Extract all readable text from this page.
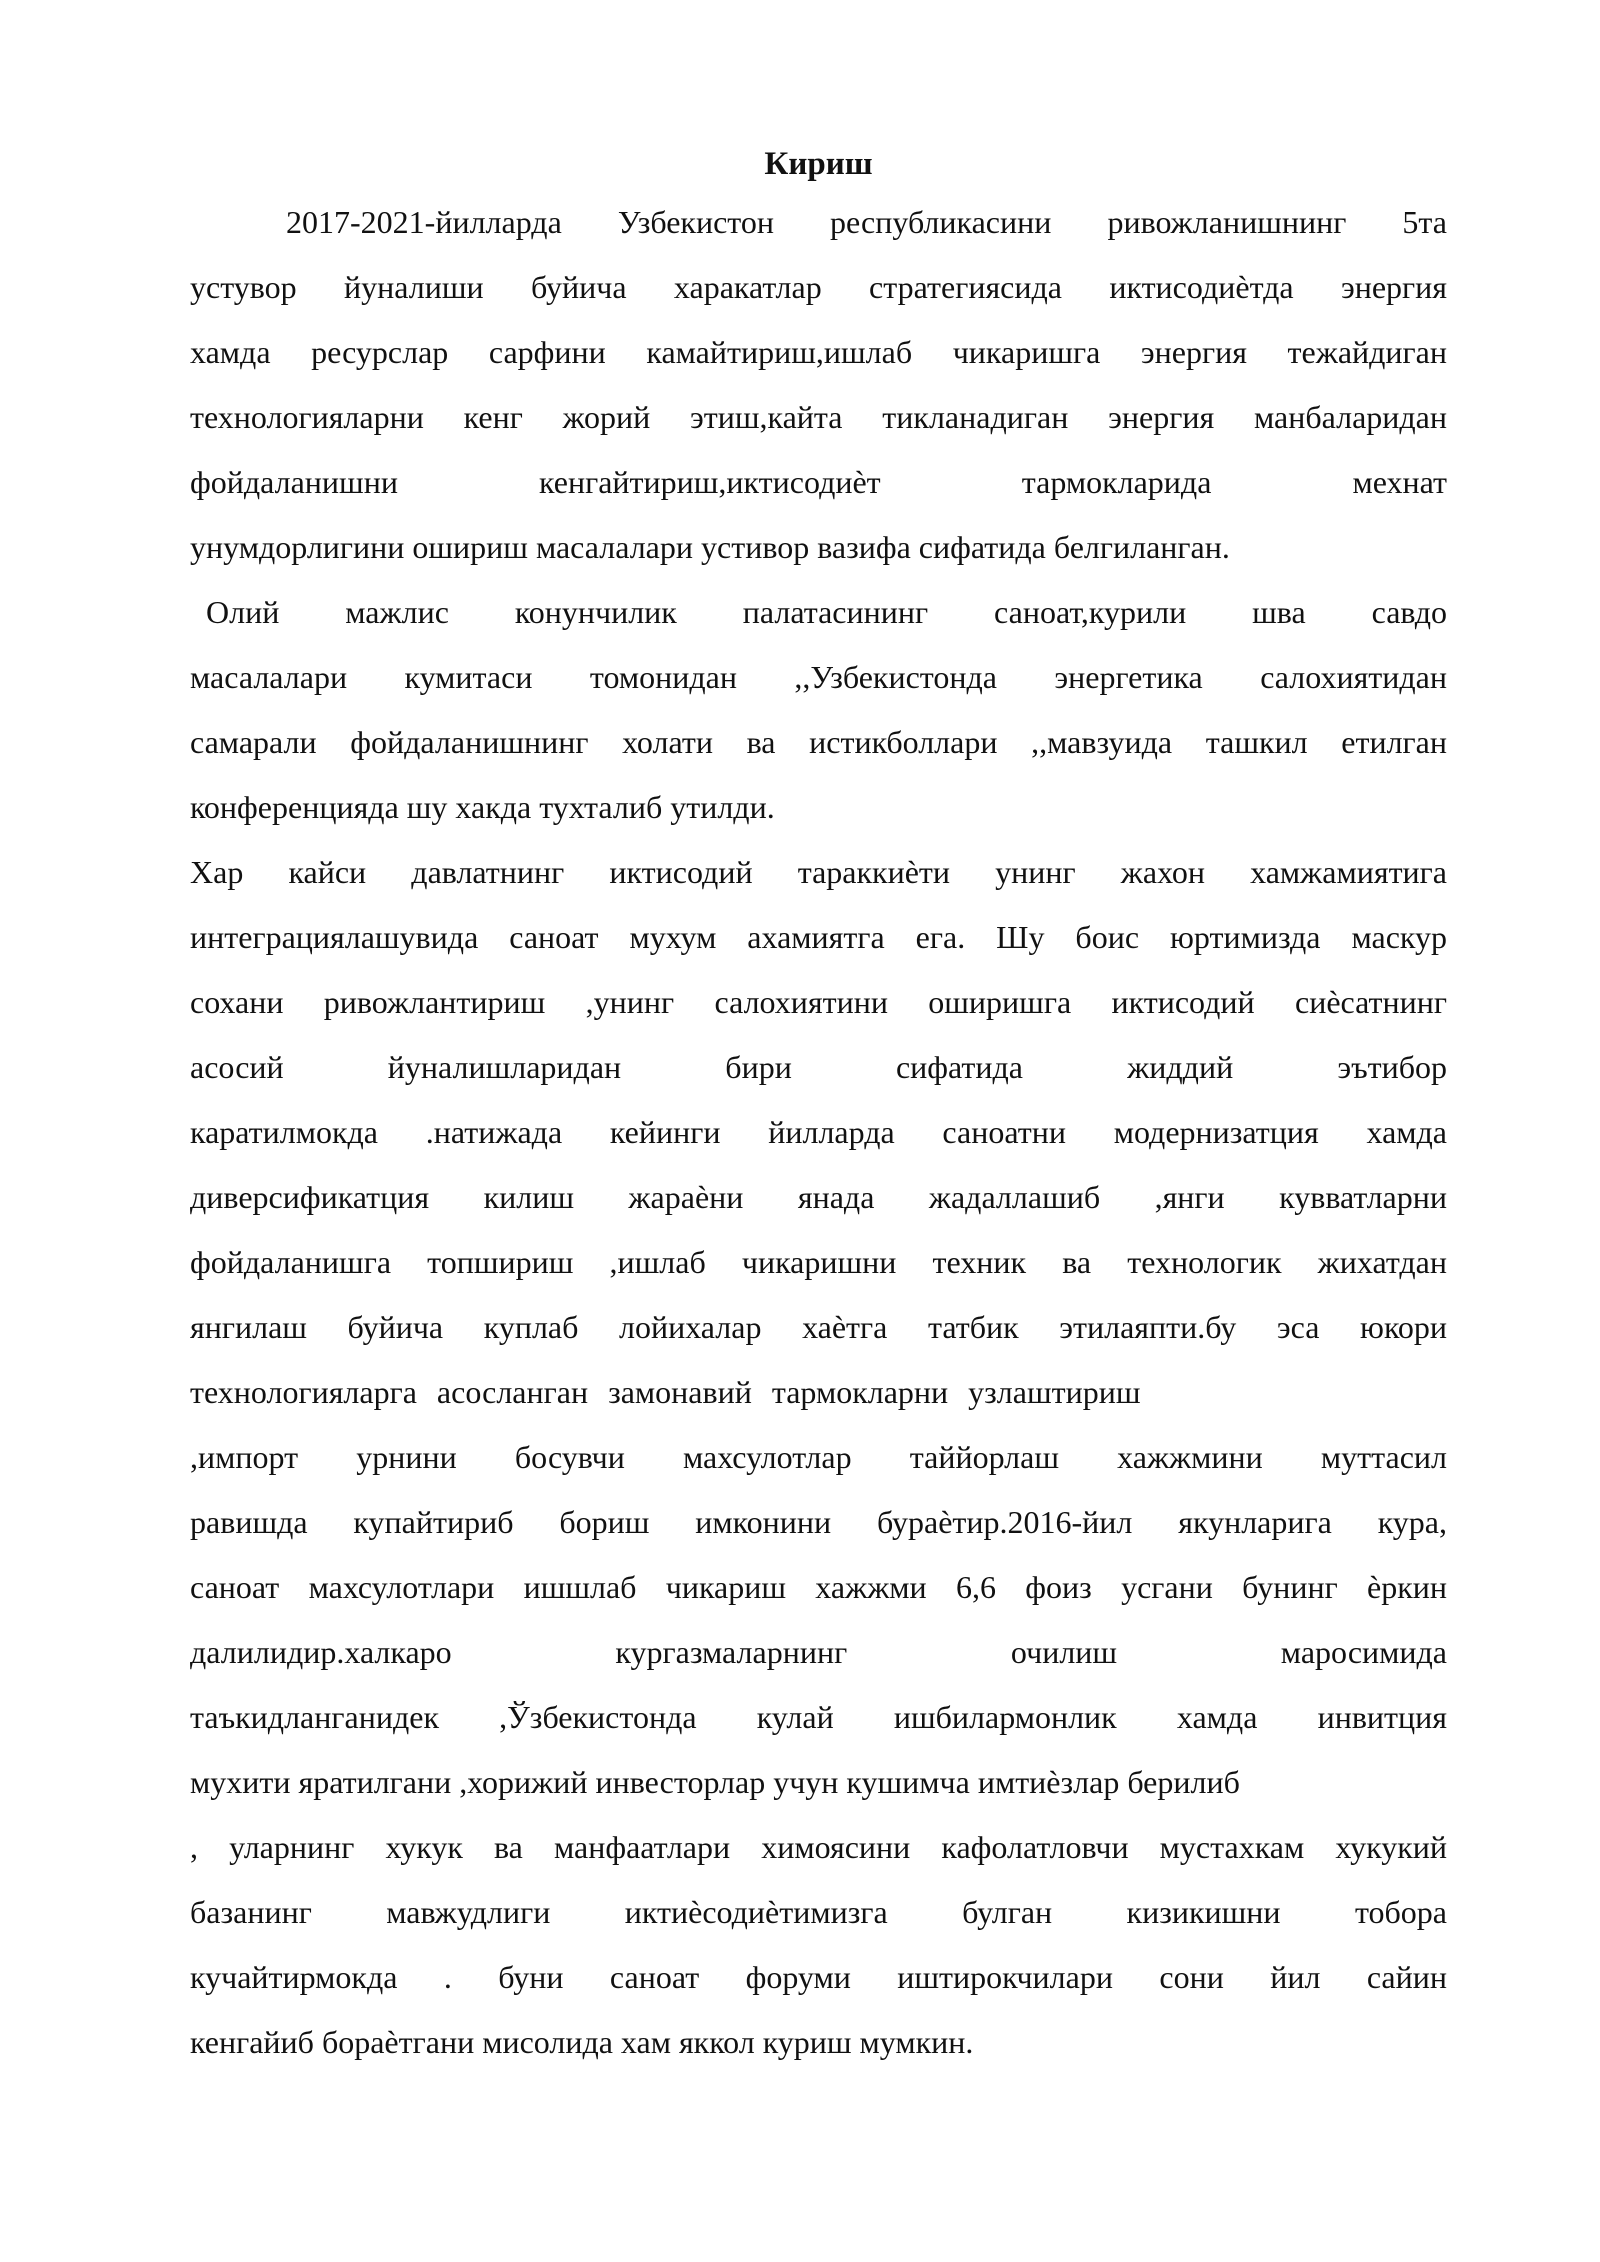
Кириш
2017-2021-йилларда Узбекистон республикасини ривожланишнинг 5та
устувор йуналиши буйича харакатлар стратегиясида иктисодиѐтда энергия
хамда ресурслар сарфини камайтириш,ишлаб чикаришга энергия тежайдиган
технологияларни кенг жорий этиш,кайта тикланадиган энергия манбаларидан
фойдаланишни кенгайтириш,иктисодиѐт тармокларида мехнат
унумдорлигини ошириш масалалари устивор вазифа сифатида белгиланган.
Олий мажлис конунчилик палатасининг саноат,курили шва савдо
масалалари кумитаси томонидан ,,Узбекистонда энергетика салохиятидан
самарали фойдаланишнинг холати ва истикболлари ,,мавзуида ташкил етилган
конференцияда шу хакда тухталиб утилди.
Хар кайси давлатнинг иктисодий тараккиѐти унинг жахон хамжамиятига
интеграциялашувида саноат мухум ахамиятга ега. Шу боис юртимизда маскур
сохани ривожлантириш ,унинг салохиятини оширишга иктисодий сиѐсатнинг
асосий йуналишларидан бири сифатида жиддий эътибор
каратилмокда .натижада кейинги йилларда саноатни модернизатция хамда
диверсификатция килиш жараѐни янада жадаллашиб ,янги кувватларни
фойдаланишга топшириш ,ишлаб чикаришни техник ва технологик жихатдан
янгилаш буйича куплаб лойихалар хаѐтга татбик этилаяпти.бу эса юкори
технологияларга асосланган замонавий тармокларни узлаштириш
,импорт урнини босувчи махсулотлар таййорлаш хажжмини муттасил
равишда купайтириб бориш имконини бураѐтир.2016-йил якунларига кура,
саноат махсулотлари ишшлаб чикариш хажжми 6,6 фоиз усгани бунинг ѐркин
далилидир.халкаро кургазмаларнинг очилиш маросимида
таъкидланганидек ,Ўзбекистонда кулай ишбилармонлик хамда инвитция
мухити яратилгани ,хорижий инвесторлар учун кушимча имтиѐзлар берилиб
, уларнинг хукук ва манфаатлари химоясини кафолатловчи мустахкам хукукий
базанинг мавжудлиги иктиѐсодиѐтимизга булган кизикишни тобора
кучайтирмокда . буни саноат форуми иштирокчилари сони йил сайин
кенгайиб бораѐтгани мисолида хам яккол куриш мумкин.
